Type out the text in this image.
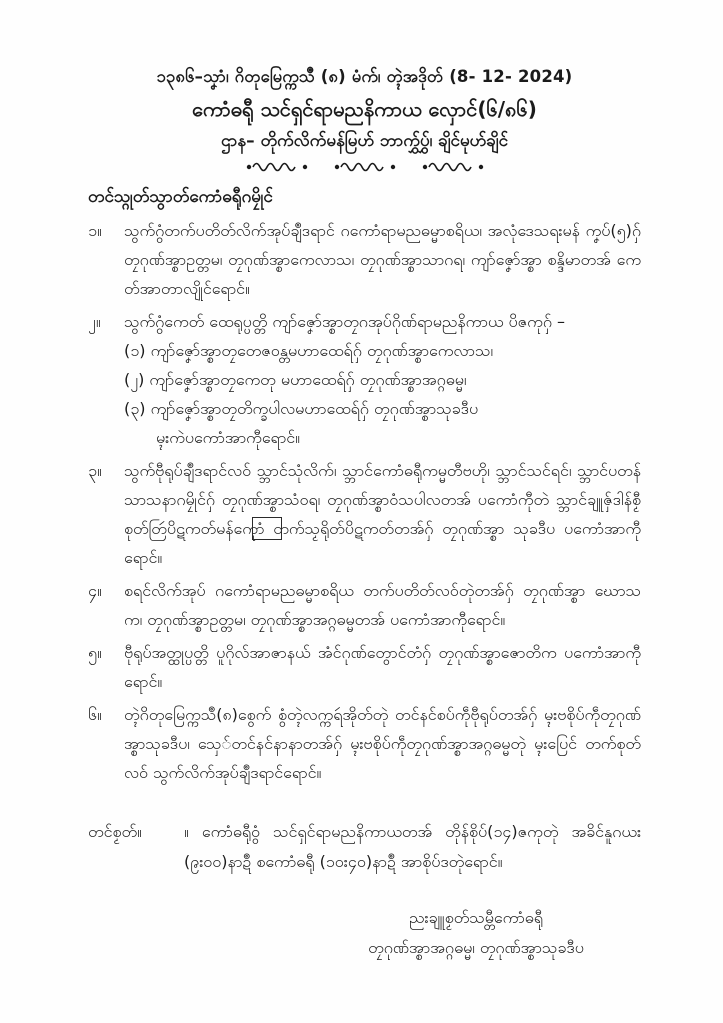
၁၃၈၆–သၞာံ၊ ဂိတုမြေက္ကသဳ (၈) မံက်၊ တ္ၚဲအဒိုတ် (8- 12- 2024)
ကောံဓရီု သင်ရှင်ရာမညနိကာယ လှောင်(၆/၈၆)
ဌာန– တိုက်လိက်မန်မြဟ် ဘာကွှ်ပွှ်၊ ချိင်မုဟ်ချိင်
တင်သ္ဂုတ်သွာတ်ကောံဓရီုဂမၠိုင်
၁။	သွက်ဂွံတက်ပတိတ်လိက်အုပ်ချဳဒရာင် ဂကောံရာမညဓမ္မာစရိယ၊ အလုံဒေသရးမန် ကၞပ်(၅)ဂှ် တၠဂုဏ်အ္စာဥတ္တမ၊ တၠဂုဏ်အ္စာကေလာသ၊ တၠဂုဏ်အ္စာသာဂရ၊ ကျာ်ဇၞော်အ္စာ စန္ဒိမာတအ် ကေတ်အာတာလျိုင်ရောင်။
၂။	သွက်ဂွံကေတ် ထေရုပ္ပတ္တိ ကျာ်ဇၞော်အ္စာတၠဂအုပ်ဂိုဏ်ရာမညနိကာယ ပိဇကုဂှ် –
(၁) ကျာ်ဇၞော်အ္စာတၠတေဇဝန္တမဟာထေရ်ဂှ် တၠဂုဏ်အ္စာကေလာသ၊
(၂) ကျာ်ဇၞော်အ္စာတၠကေတု မဟာထေရ်ဂှ် တၠဂုဏ်အ္စာအဂ္ဂဓမ္မ၊
(၃) ကျာ်ဇၞော်အ္စာတၠတိက္ခပါလမဟာထေရ်ဂှ် တၠဂုဏ်အ္စာသုခဒီပ
မ္ၚးကဲပကောံအာကီုရောင်။
၃။	သွက်ဗီုရုပ်ချဳဒရာင်လဝ် သ္ဘာင်သုံလိက်၊ သ္ဘာင်ကောံဓရီုကမ္မတီဗဟို၊ သ္ဘာင်သင်ရင်၊ သ္ဘာင်ပတန်သာသနာဂမၠိုင်ဂှ် တၠဂုဏ်အ္စာသံဝရ၊ တၠဂုဏ်အ္စာဝံသပါလတအ် ပကောံကီုတဲ သ္ဘာင်ချူဇှ်ဒါန်စၟီစုတ်တြဴပိဋကတ်မန်ကေုာံ တက်သၟရိုတ်ပိဋကတ်တအ်ဂှ် တၠဂုဏ်အ္စာ သုခဒီပ ပကောံအာကီုရောင်။
၄။	စရင်လိက်အုပ် ဂကောံရာမညဓမ္မာစရိယ တက်ပတိတ်လဝ်တုဲတအ်ဂှ် တၠဂုဏ်အ္စာ ဃောသက၊ တၠဂုဏ်အ္စာဥတ္တမ၊ တၠဂုဏ်အ္စာအဂ္ဂဓမ္မတအ် ပကောံအာကီုရောင်။
၅။	ဗီုရုပ်အတ္ထုပ္ပတ္တိ ပူဂိုလ်အာဇာနယ် အံင်ဂုဏ်တွောင်တံဂှ် တၠဂုဏ်အ္စာဇောတိက ပကောံအာကီုရောင်။
၆။	တ္ၚဲဂိတုမြေက္ကသဳ(၈)စွေက် စွံတ္ၚဲလက္ကရဴအိုတ်တုဲ တင်နင်စပ်ကဵုဗီုရုပ်တအ်ဂှ် မ္ၚးဗစိုပ်ကဵုတၠဂုဏ် အ္စာသုခဒီပ၊ သှေ်တင်နင်နာနာတအ်ဂှ် မ္ၚးဗစိုပ်ကဵုတၠဂုဏ်အ္စာအဂ္ဂဓမ္မတုဲ မ္ၚးပြေင် တက်စုတ်လဝ် သွက်လိက်အုပ်ချဳဒရာင်ရောင်။
တင်စၟတ်။	။ ကောံဓရီုဝွံ သင်ရှင်ရာမညနိကာယတအ် တိုန်စိုပ်(၁၄)ဇကုတုဲ အခိင်နူဂယး (၉း၀၀)နာဍဳ စကောံဓရီု (၁၀း၄၀)နာဍဳ အာစိုပ်ဒတုဲရောင်။
ညးချူစၟတ်သမ္တီကောံဓရီု
တၠဂုဏ်အ္စာအဂ္ဂဓမ္မ၊ တၠဂုဏ်အ္စာသုခဒီပ
